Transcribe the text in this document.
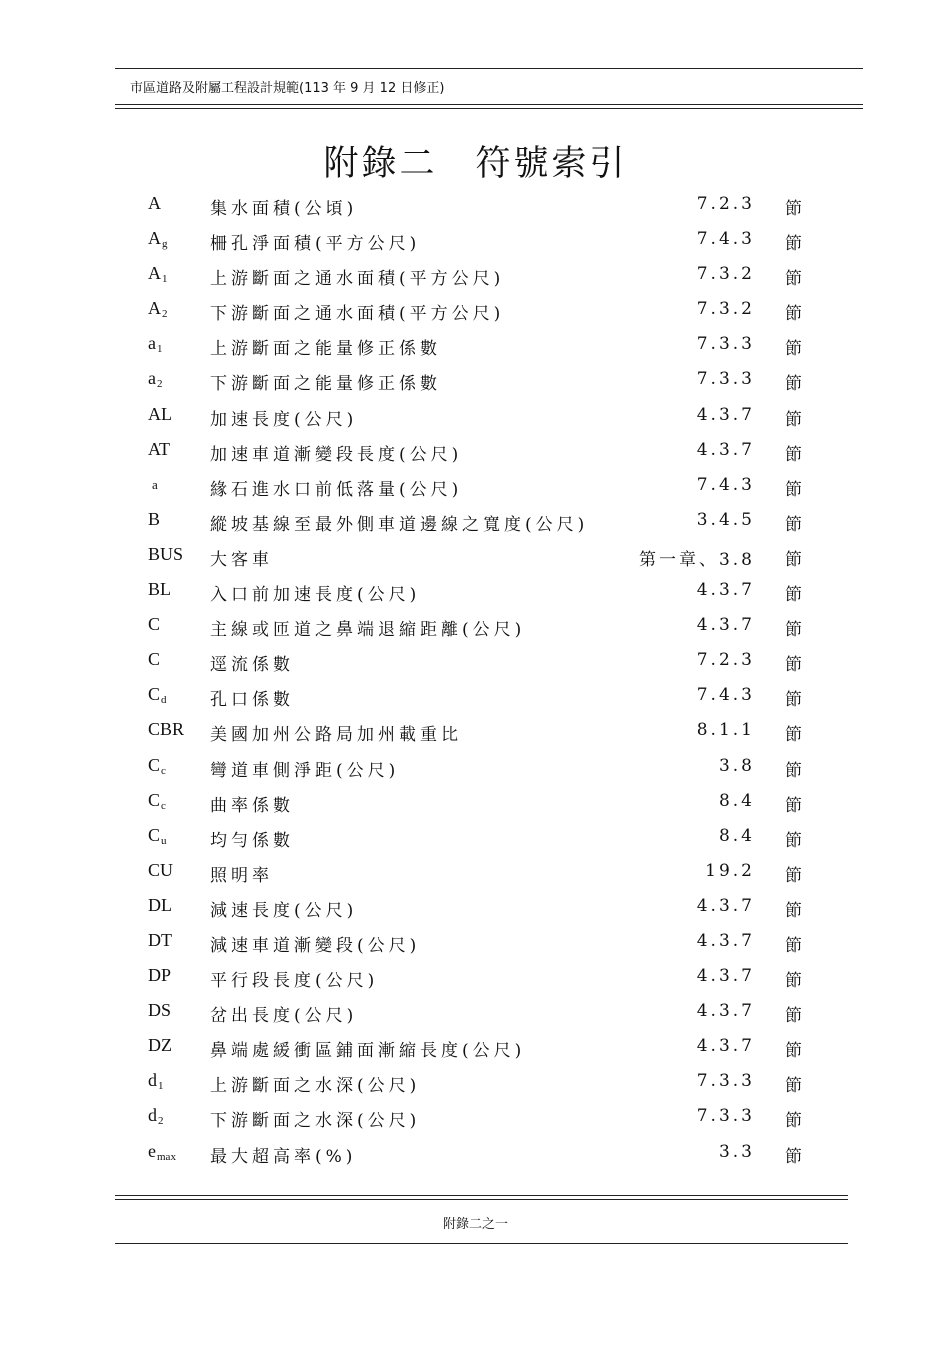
市區道路及附屬工程設計規範(113 年 9 月 12 日修正)
附錄二　符號索引
A	集水面積(公頃)	7.2.3 節
$A_g$	柵孔淨面積(平方公尺)	7.4.3 節
$A_1$	上游斷面之通水面積(平方公尺)	7.3.2 節
$A_2$	下游斷面之通水面積(平方公尺)	7.3.2 節
$a_1$	上游斷面之能量修正係數	7.3.3 節
$a_2$	下游斷面之能量修正係數	7.3.3 節
AL 加速長度(公尺)	4.3.7 節
AT 加速車道漸變段長度(公尺)	4.3.7 節
a	緣石進水口前低落量(公尺)	7.4.3 節
B	縱坡基線至最外側車道邊線之寬度(公尺)	3.4.5 節
BUS 大客車	第一章、3.8 節
BL 入口前加速長度(公尺)	4.3.7 節
C	主線或匝道之鼻端退縮距離(公尺)	4.3.7 節
C	逕流係數	7.2.3 節
$C_d$	孔口係數	7.4.3 節
CBR 美國加州公路局加州載重比	8.1.1 節
$C_c$	彎道車側淨距(公尺)	3.8 節
$C_c$	曲率係數	8.4 節
$C_u$	均勻係數	8.4 節
CU 照明率	19.2 節
DL 減速長度(公尺)	4.3.7 節
DT 減速車道漸變段(公尺)	4.3.7 節
DP 平行段長度(公尺)	4.3.7 節
DS 岔出長度(公尺)	4.3.7 節
DZ 鼻端處緩衝區鋪面漸縮長度(公尺)	4.3.7 節
$d_1$	上游斷面之水深(公尺)	7.3.3 節
$d_2$	下游斷面之水深(公尺)	7.3.3 節
$e_{max}$ 最大超高率(%)	3.3 節
附錄二之一
